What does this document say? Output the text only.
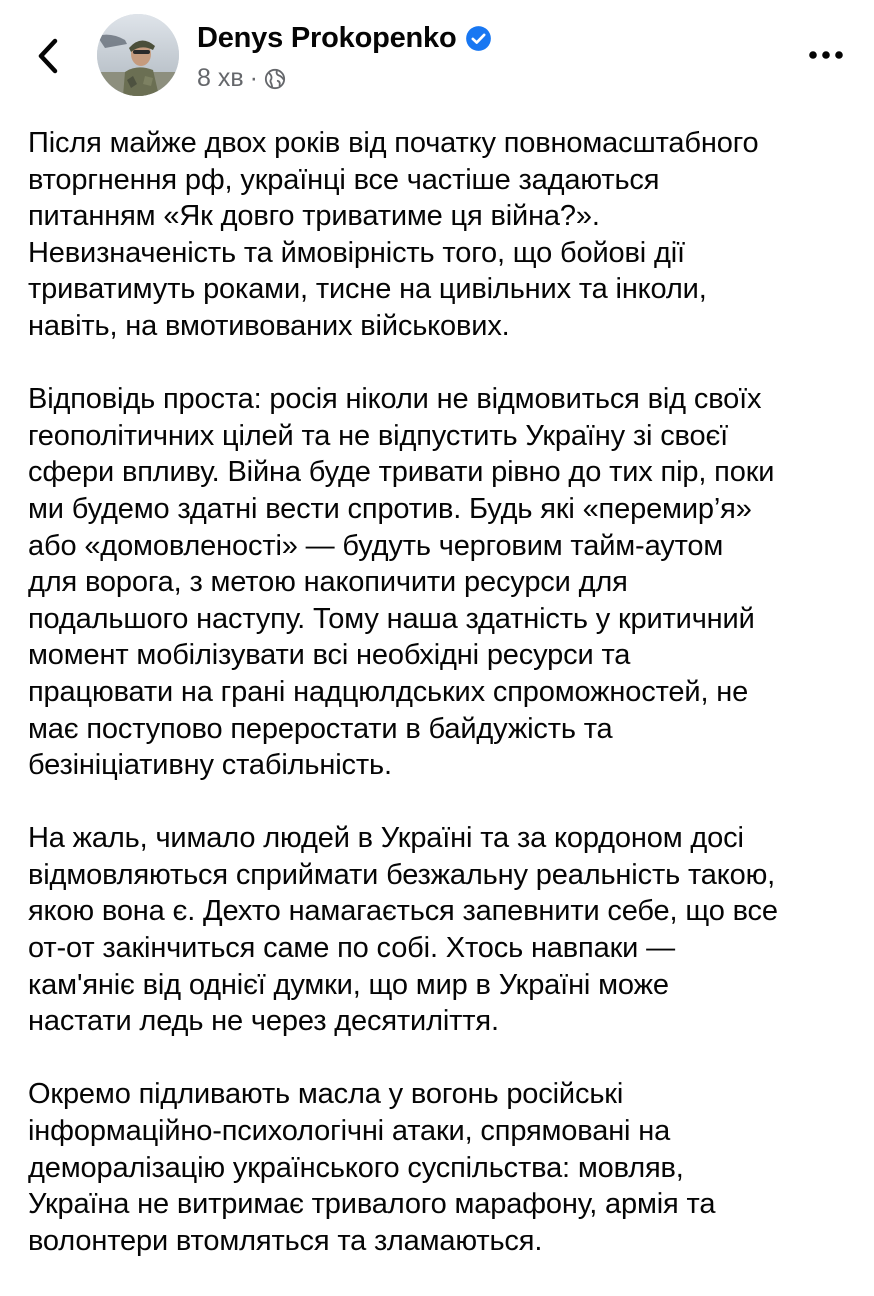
Denys Prokopenko
8 хв ·
Після майже двох років від початку повномасштабного
вторгнення рф, українці все частіше задаються
питанням «Як довго триватиме ця війна?».
Невизначеність та ймовірність того, що бойові дії
триватимуть роками, тисне на цивільних та інколи,
навіть, на вмотивованих військових.
Відповідь проста: росія ніколи не відмовиться від своїх
геополітичних цілей та не відпустить Україну зі своєї
сфери впливу. Війна буде тривати рівно до тих пір, поки
ми будемо здатні вести спротив. Будь які «перемир’я»
або «домовленості» — будуть черговим тайм-аутом
для ворога, з метою накопичити ресурси для
подальшого наступу. Тому наша здатність у критичний
момент мобілізувати всі необхідні ресурси та
працювати на грані надцюлдських спроможностей, не
має поступово переростати в байдужість та
безініціативну стабільність.
На жаль, чимало людей в Україні та за кордоном досі
відмовляються сприймати безжальну реальність такою,
якою вона є. Дехто намагається запевнити себе, що все
от-от закінчиться саме по собі. Хтось навпаки —
кам'яніє від однієї думки, що мир в Україні може
настати ледь не через десятиліття.
Окремо підливають масла у вогонь російські
інформаційно-психологічні атаки, спрямовані на
деморалізацію українського суспільства: мовляв,
Україна не витримає тривалого марафону, армія та
волонтери втомляться та зламаються.
